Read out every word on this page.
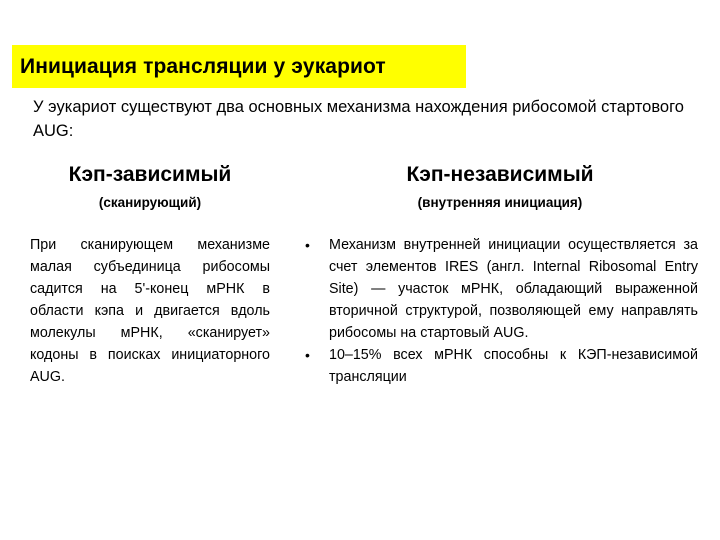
Инициация трансляции у эукариот

У эукариот существуют два основных механизма нахождения рибосомой стартового AUG:

Кэп-зависимый
(сканирующий)
Кэп-независимый
(внутренняя инициация)

При сканирующем механизме малая субъединица рибосомы садится на 5'-конец мРНК в области кэпа и двигается вдоль молекулы мРНК, «сканирует» кодоны в поисках инициаторного AUG.

• Механизм внутренней инициации осуществляется за счет элементов IRES (англ. Internal Ribosomal Entry Site) — участок мРНК, обладающий выраженной вторичной структурой, позволяющей ему направлять рибосомы на стартовый AUG.
• 10–15% всех мРНК способны к КЭП-независимой трансляции
